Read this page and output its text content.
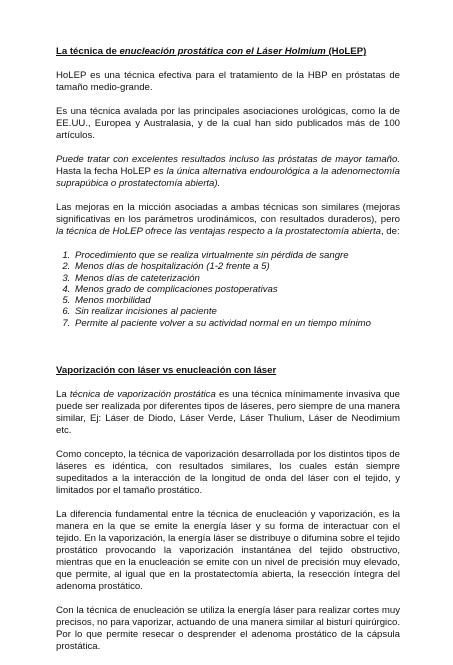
La técnica de enucleación prostática con el Láser Holmium (HoLEP)

HoLEP es una técnica efectiva para el tratamiento de la HBP en próstatas de tamaño medio-grande.

Es una técnica avalada por las principales asociaciones urológicas, como la de EE.UU., Europea y Australasia, y de la cual han sido publicados más de 100 artículos.

Puede tratar con excelentes resultados incluso las próstatas de mayor tamaño. Hasta la fecha HoLEP es la única alternativa endourológica a la adenomectomía suprapúbica o prostatectomía abierta).

Las mejoras en la micción asociadas a ambas técnicas son similares (mejoras significativas en los parámetros urodinámicos, con resultados duraderos), pero la técnica de HoLEP ofrece las ventajas respecto a la prostatectomía abierta, de:

1. Procedimiento que se realiza virtualmente sin pérdida de sangre
2. Menos días de hospitalización (1-2 frente a 5)
3. Menos días de cateterización
4. Menos grado de complicaciones postoperativas
5. Menos morbilidad
6. Sin realizar incisiones al paciente
7. Permite al paciente volver a su actividad normal en un tiempo mínimo
Vaporización con láser vs enucleación con láser

La técnica de vaporización prostática es una técnica mínimamente invasiva que puede ser realizada por diferentes tipos de láseres, pero siempre de una manera similar, Ej: Láser de Diodo, Láser Verde, Láser Thulium, Láser de Neodimium etc.

Como concepto, la técnica de vaporización desarrollada por los distintos tipos de láseres es idéntica, con resultados similares, los cuales están siempre supeditados a la interacción de la longitud de onda del láser con el tejido, y limitados por el tamaño prostático.

La diferencia fundamental entre la técnica de enucleación y vaporización, es la manera en la que se emite la energía láser y su forma de interactuar con el tejido. En la vaporización, la energía láser se distribuye o difumina sobre el tejido prostático provocando la vaporización instantánea del tejido obstructivo, mientras que en la enucleación se emite con un nivel de precisión muy elevado, que permite, al igual que en la prostatectomía abierta, la resección íntegra del adenoma prostático.

Con la técnica de enucleación se utiliza la energía láser para realizar cortes muy precisos, no para vaporizar, actuando de una manera similar al bisturí quirúrgico. Por lo que permite resecar o desprender el adenoma prostático de la cápsula prostática.
